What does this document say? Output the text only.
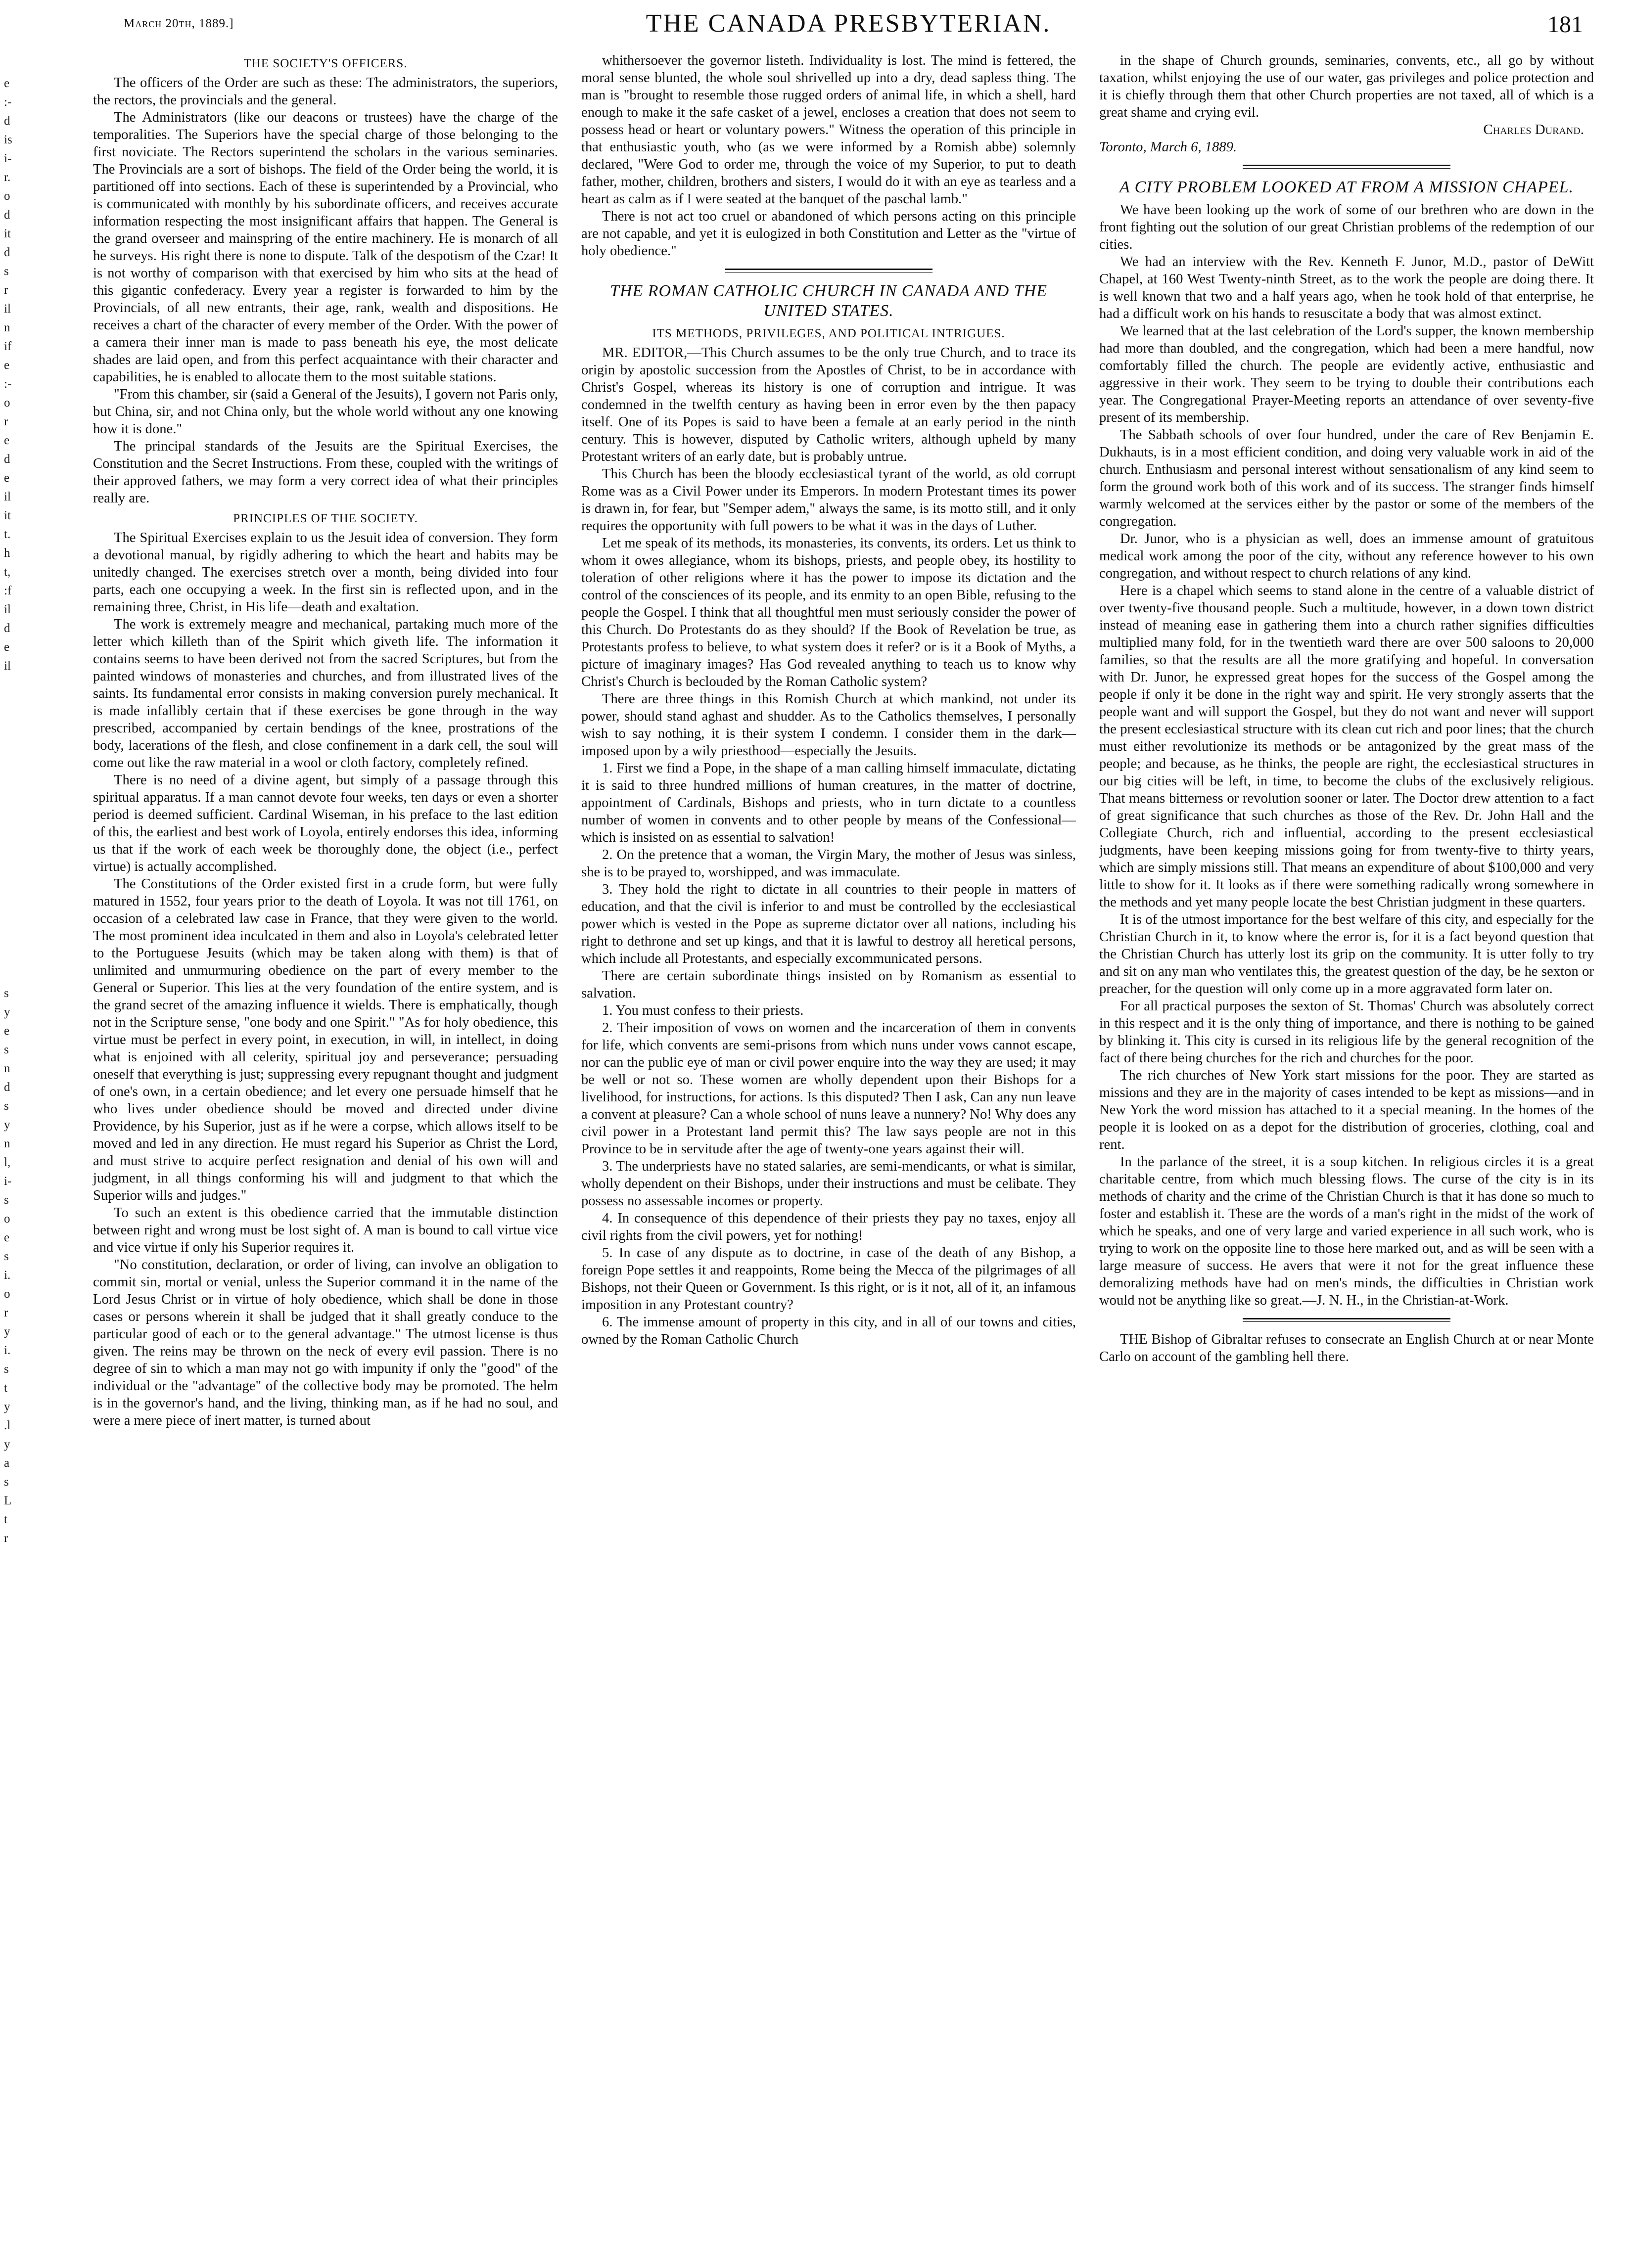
March 20th, 1889.]	THE CANADA PRESBYTERIAN.	181
e
:-
d
is
i-
r.
o
d
it
d
s
r
il
n
if
e
:-
o
r
e
d
e
il
it
t.
h
t,
:f
il
d
e
il
s
y
e
s
n
d
s
y
n
l,
i-
s
o
e
s
i.
o
r
y
i.
s
t
y
.l
y
a
s
L
t
r
THE SOCIETY'S OFFICERS.

The officers of the Order are such as these: The administrators, the superiors, the rectors, the provincials and the general.

The Administrators (like our deacons or trustees) have the charge of the temporalities. The Superiors have the special charge of those belonging to the first noviciate. The Rectors superintend the scholars in the various seminaries. The Provincials are a sort of bishops. The field of the Order being the world, it is partitioned off into sections. Each of these is superintended by a Provincial, who is communicated with monthly by his subordinate officers, and receives accurate information respecting the most insignificant affairs that happen. The General is the grand overseer and mainspring of the entire machinery. He is monarch of all he surveys. His right there is none to dispute. Talk of the despotism of the Czar! It is not worthy of comparison with that exercised by him who sits at the head of this gigantic confederacy. Every year a register is forwarded to him by the Provincials, of all new entrants, their age, rank, wealth and dispositions. He receives a chart of the character of every member of the Order. With the power of a camera their inner man is made to pass beneath his eye, the most delicate shades are laid open, and from this perfect acquaintance with their character and capabilities, he is enabled to allocate them to the most suitable stations.

"From this chamber, sir (said a General of the Jesuits), I govern not Paris only, but China, sir, and not China only, but the whole world without any one knowing how it is done."

The principal standards of the Jesuits are the Spiritual Exercises, the Constitution and the Secret Instructions. From these, coupled with the writings of their approved fathers, we may form a very correct idea of what their principles really are.

PRINCIPLES OF THE SOCIETY.

The Spiritual Exercises explain to us the Jesuit idea of conversion. They form a devotional manual, by rigidly adhering to which the heart and habits may be unitedly changed. The exercises stretch over a month, being divided into four parts, each one occupying a week. In the first sin is reflected upon, and in the remaining three, Christ, in His life—death and exaltation.

The work is extremely meagre and mechanical, partaking much more of the letter which killeth than of the Spirit which giveth life. The information it contains seems to have been derived not from the sacred Scriptures, but from the painted windows of monasteries and churches, and from illustrated lives of the saints. Its fundamental error consists in making conversion purely mechanical. It is made infallibly certain that if these exercises be gone through in the way prescribed, accompanied by certain bendings of the knee, prostrations of the body, lacerations of the flesh, and close confinement in a dark cell, the soul will come out like the raw material in a wool or cloth factory, completely refined.

There is no need of a divine agent, but simply of a passage through this spiritual apparatus. If a man cannot devote four weeks, ten days or even a shorter period is deemed sufficient. Cardinal Wiseman, in his preface to the last edition of this, the earliest and best work of Loyola, entirely endorses this idea, informing us that if the work of each week be thoroughly done, the object (i.e., perfect virtue) is actually accomplished.

The Constitutions of the Order existed first in a crude form, but were fully matured in 1552, four years prior to the death of Loyola. It was not till 1761, on occasion of a celebrated law case in France, that they were given to the world. The most prominent idea inculcated in them and also in Loyola's celebrated letter to the Portuguese Jesuits (which may be taken along with them) is that of unlimited and unmurmuring obedience on the part of every member to the General or Superior. This lies at the very foundation of the entire system, and is the grand secret of the amazing influence it wields. There is emphatically, though not in the Scripture sense, "one body and one Spirit." "As for holy obedience, this virtue must be perfect in every point, in execution, in will, in intellect, in doing what is enjoined with all celerity, spiritual joy and perseverance; persuading oneself that everything is just; suppressing every repugnant thought and judgment of one's own, in a certain obedience; and let every one persuade himself that he who lives under obedience should be moved and directed under divine Providence, by his Superior, just as if he were a corpse, which allows itself to be moved and led in any direction. He must regard his Superior as Christ the Lord, and must strive to acquire perfect resignation and denial of his own will and judgment, in all things conforming his will and judgment to that which the Superior wills and judges."

To such an extent is this obedience carried that the immutable distinction between right and wrong must be lost sight of. A man is bound to call virtue vice and vice virtue if only his Superior requires it.

"No constitution, declaration, or order of living, can involve an obligation to commit sin, mortal or venial, unless the Superior command it in the name of the Lord Jesus Christ or in virtue of holy obedience, which shall be done in those cases or persons wherein it shall be judged that it shall greatly conduce to the particular good of each or to the general advantage." The utmost license is thus given. The reins may be thrown on the neck of every evil passion. There is no degree of sin to which a man may not go with impunity if only the "good" of the individual or the "advantage" of the collective body may be promoted. The helm is in the governor's hand, and the living, thinking man, as if he had no soul, and were a mere piece of inert matter, is turned about

whithersoever the governor listeth. Individuality is lost. The mind is fettered, the moral sense blunted, the whole soul shrivelled up into a dry, dead sapless thing. The man is "brought to resemble those rugged orders of animal life, in which a shell, hard enough to make it the safe casket of a jewel, encloses a creation that does not seem to possess head or heart or voluntary powers." Witness the operation of this principle in that enthusiastic youth, who (as we were informed by a Romish abbe) solemnly declared, "Were God to order me, through the voice of my Superior, to put to death father, mother, children, brothers and sisters, I would do it with an eye as tearless and a heart as calm as if I were seated at the banquet of the paschal lamb."

There is not act too cruel or abandoned of which persons acting on this principle are not capable, and yet it is eulogized in both Constitution and Letter as the "virtue of holy obedience."

THE ROMAN CATHOLIC CHURCH IN CANADA AND THE UNITED STATES.
ITS METHODS, PRIVILEGES, AND POLITICAL INTRIGUES.

MR. EDITOR,—This Church assumes to be the only true Church, and to trace its origin by apostolic succession from the Apostles of Christ, to be in accordance with Christ's Gospel, whereas its history is one of corruption and intrigue. It was condemned in the twelfth century as having been in error even by the then papacy itself. One of its Popes is said to have been a female at an early period in the ninth century. This is however, disputed by Catholic writers, although upheld by many Protestant writers of an early date, but is probably untrue.

This Church has been the bloody ecclesiastical tyrant of the world, as old corrupt Rome was as a Civil Power under its Emperors. In modern Protestant times its power is drawn in, for fear, but "Semper adem," always the same, is its motto still, and it only requires the opportunity with full powers to be what it was in the days of Luther.

Let me speak of its methods, its monasteries, its convents, its orders. Let us think to whom it owes allegiance, whom its bishops, priests, and people obey, its hostility to toleration of other religions where it has the power to impose its dictation and the control of the consciences of its people, and its enmity to an open Bible, refusing to the people the Gospel. I think that all thoughtful men must seriously consider the power of this Church. Do Protestants do as they should? If the Book of Revelation be true, as Protestants profess to believe, to what system does it refer? or is it a Book of Myths, a picture of imaginary images? Has God revealed anything to teach us to know why Christ's Church is beclouded by the Roman Catholic system?

There are three things in this Romish Church at which mankind, not under its power, should stand aghast and shudder. As to the Catholics themselves, I personally wish to say nothing, it is their system I condemn. I consider them in the dark—imposed upon by a wily priesthood—especially the Jesuits.

1. First we find a Pope, in the shape of a man calling himself immaculate, dictating it is said to three hundred millions of human creatures, in the matter of doctrine, appointment of Cardinals, Bishops and priests, who in turn dictate to a countless number of women in convents and to other people by means of the Confessional—which is insisted on as essential to salvation!

2. On the pretence that a woman, the Virgin Mary, the mother of Jesus was sinless, she is to be prayed to, worshipped, and was immaculate.

3. They hold the right to dictate in all countries to their people in matters of education, and that the civil is inferior to and must be controlled by the ecclesiastical power which is vested in the Pope as supreme dictator over all nations, including his right to dethrone and set up kings, and that it is lawful to destroy all heretical persons, which include all Protestants, and especially excommunicated persons.

There are certain subordinate things insisted on by Romanism as essential to salvation.

1. You must confess to their priests.

2. Their imposition of vows on women and the incarceration of them in convents for life, which convents are semi-prisons from which nuns under vows cannot escape, nor can the public eye of man or civil power enquire into the way they are used; it may be well or not so. These women are wholly dependent upon their Bishops for a livelihood, for instructions, for actions. Is this disputed? Then I ask, Can any nun leave a convent at pleasure? Can a whole school of nuns leave a nunnery? No! Why does any civil power in a Protestant land permit this? The law says people are not in this Province to be in servitude after the age of twenty-one years against their will.

3. The underpriests have no stated salaries, are semi-mendicants, or what is similar, wholly dependent on their Bishops, under their instructions and must be celibate. They possess no assessable incomes or property.

4. In consequence of this dependence of their priests they pay no taxes, enjoy all civil rights from the civil powers, yet for nothing!

5. In case of any dispute as to doctrine, in case of the death of any Bishop, a foreign Pope settles it and reappoints, Rome being the Mecca of the pilgrimages of all Bishops, not their Queen or Government. Is this right, or is it not, all of it, an infamous imposition in any Protestant country?

6. The immense amount of property in this city, and in all of our towns and cities, owned by the Roman Catholic Church

in the shape of Church grounds, seminaries, convents, etc., all go by without taxation, whilst enjoying the use of our water, gas privileges and police protection and it is chiefly through them that other Church properties are not taxed, all of which is a great shame and crying evil.

Charles Durand.

Toronto, March 6, 1889.

A CITY PROBLEM LOOKED AT FROM A MISSION CHAPEL.

We have been looking up the work of some of our brethren who are down in the front fighting out the solution of our great Christian problems of the redemption of our cities.

We had an interview with the Rev. Kenneth F. Junor, M.D., pastor of DeWitt Chapel, at 160 West Twenty-ninth Street, as to the work the people are doing there. It is well known that two and a half years ago, when he took hold of that enterprise, he had a difficult work on his hands to resuscitate a body that was almost extinct.

We learned that at the last celebration of the Lord's supper, the known membership had more than doubled, and the congregation, which had been a mere handful, now comfortably filled the church. The people are evidently active, enthusiastic and aggressive in their work. They seem to be trying to double their contributions each year. The Congregational Prayer-Meeting reports an attendance of over seventy-five present of its membership.

The Sabbath schools of over four hundred, under the care of Rev Benjamin E. Dukhauts, is in a most efficient condition, and doing very valuable work in aid of the church. Enthusiasm and personal interest without sensationalism of any kind seem to form the ground work both of this work and of its success. The stranger finds himself warmly welcomed at the services either by the pastor or some of the members of the congregation.

Dr. Junor, who is a physician as well, does an immense amount of gratuitous medical work among the poor of the city, without any reference however to his own congregation, and without respect to church relations of any kind.

Here is a chapel which seems to stand alone in the centre of a valuable district of over twenty-five thousand people. Such a multitude, however, in a down town district instead of meaning ease in gathering them into a church rather signifies difficulties multiplied many fold, for in the twentieth ward there are over 500 saloons to 20,000 families, so that the results are all the more gratifying and hopeful. In conversation with Dr. Junor, he expressed great hopes for the success of the Gospel among the people if only it be done in the right way and spirit. He very strongly asserts that the people want and will support the Gospel, but they do not want and never will support the present ecclesiastical structure with its clean cut rich and poor lines; that the church must either revolutionize its methods or be antagonized by the great mass of the people; and because, as he thinks, the people are right, the ecclesiastical structures in our big cities will be left, in time, to become the clubs of the exclusively religious. That means bitterness or revolution sooner or later. The Doctor drew attention to a fact of great significance that such churches as those of the Rev. Dr. John Hall and the Collegiate Church, rich and influential, according to the present ecclesiastical judgments, have been keeping missions going for from twenty-five to thirty years, which are simply missions still. That means an expenditure of about $100,000 and very little to show for it. It looks as if there were something radically wrong somewhere in the methods and yet many people locate the best Christian judgment in these quarters.

It is of the utmost importance for the best welfare of this city, and especially for the Christian Church in it, to know where the error is, for it is a fact beyond question that the Christian Church has utterly lost its grip on the community. It is utter folly to try and sit on any man who ventilates this, the greatest question of the day, be he sexton or preacher, for the question will only come up in a more aggravated form later on.

For all practical purposes the sexton of St. Thomas' Church was absolutely correct in this respect and it is the only thing of importance, and there is nothing to be gained by blinking it. This city is cursed in its religious life by the general recognition of the fact of there being churches for the rich and churches for the poor.

The rich churches of New York start missions for the poor. They are started as missions and they are in the majority of cases intended to be kept as missions—and in New York the word mission has attached to it a special meaning. In the homes of the people it is looked on as a depot for the distribution of groceries, clothing, coal and rent.

In the parlance of the street, it is a soup kitchen. In religious circles it is a great charitable centre, from which much blessing flows. The curse of the city is in its methods of charity and the crime of the Christian Church is that it has done so much to foster and establish it. These are the words of a man's right in the midst of the work of which he speaks, and one of very large and varied experience in all such work, who is trying to work on the opposite line to those here marked out, and as will be seen with a large measure of success. He avers that were it not for the great influence these demoralizing methods have had on men's minds, the difficulties in Christian work would not be anything like so great.—J. N. H., in the Christian-at-Work.

THE Bishop of Gibraltar refuses to consecrate an English Church at or near Monte Carlo on account of the gambling hell there.
